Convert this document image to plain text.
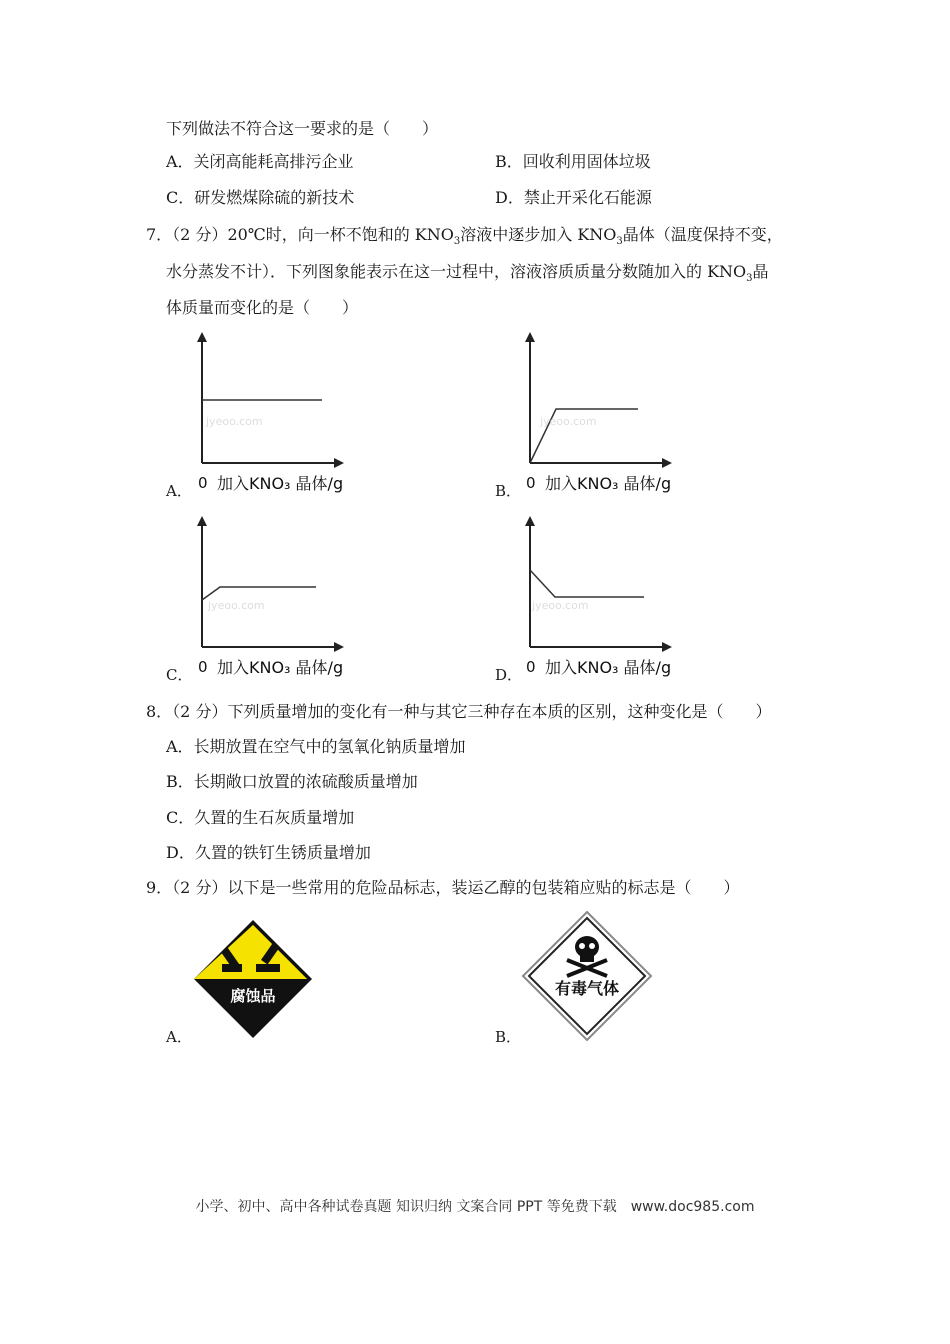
下列做法不符合这一要求的是（　　）
A．关闭高能耗高排污企业	B．回收利用固体垃圾
C．研发燃煤除硫的新技术	D．禁止开采化石能源
7．（2 分）20℃时，向一杯不饱和的 $KNO_3$溶液中逐步加入 $KNO_3$晶体（温度保持不变，
水分蒸发不计）．下列图象能表示在这一过程中，溶液溶质质量分数随加入的 $KNO_3$晶
体质量而变化的是（　　）
A．
jyeoo.com
0 加入KNO₃ 晶体/g	B．
jyeoo.com
0 加入KNO₃ 晶体/g
C．
jyeoo.com
0 加入KNO₃ 晶体/g	D．
jyeoo.com
0 加入KNO₃ 晶体/g
8．（2 分）下列质量增加的变化有一种与其它三种存在本质的区别，这种变化是（　　）
A．长期放置在空气中的氢氧化钠质量增加
B．长期敞口放置的浓硫酸质量增加
C．久置的生石灰质量增加
D．久置的铁钉生锈质量增加
9．（2 分）以下是一些常用的危险品标志，装运乙醇的包装箱应贴的标志是（　　）
A．
腐蚀品
B．
有毒气体
小学、初中、高中各种试卷真题 知识归纳 文案合同 PPT 等免费下载　www.doc985.com
